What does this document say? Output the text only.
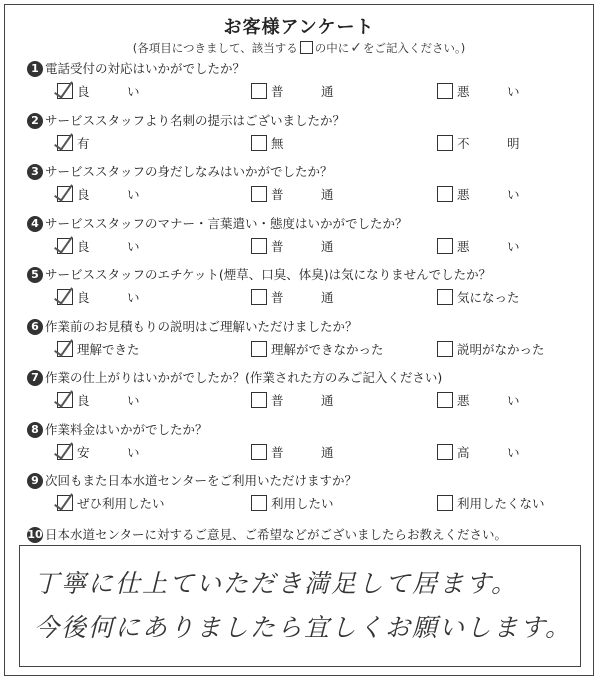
お客様アンケート
(各項目につきまして、該当する の中に✓をご記入ください。)
1 電話受付の対応はいかがでしたか？
良　　　い	普　　　通	悪　　　い
2 サービススタッフより名刺の提示はございましたか？
有	無	不　　　明
3 サービススタッフの身だしなみはいかがでしたか？
良　　　い	普　　　通	悪　　　い
4 サービススタッフのマナー・言葉遣い・態度はいかがでしたか？
良　　　い	普　　　通	悪　　　い
5 サービススタッフのエチケット(煙草、口臭、体臭)は気になりませんでしたか？
良　　　い	普　　　通	気になった
6 作業前のお見積もりの説明はご理解いただけましたか？
理解できた	理解ができなかった	説明がなかった
7 作業の仕上がりはいかがでしたか？(作業された方のみご記入ください)
良　　　い	普　　　通	悪　　　い
8 作業料金はいかがでしたか？
安　　　い	普　　　通	高　　　い
9 次回もまた日本水道センターをご利用いただけますか？
ぜひ利用したい	利用したい	利用したくない
10 日本水道センターに対するご意見、ご希望などがございましたらお教えください。
丁寧に仕上ていただき満足して居ます。
今後何にありましたら宜しくお願いします。
